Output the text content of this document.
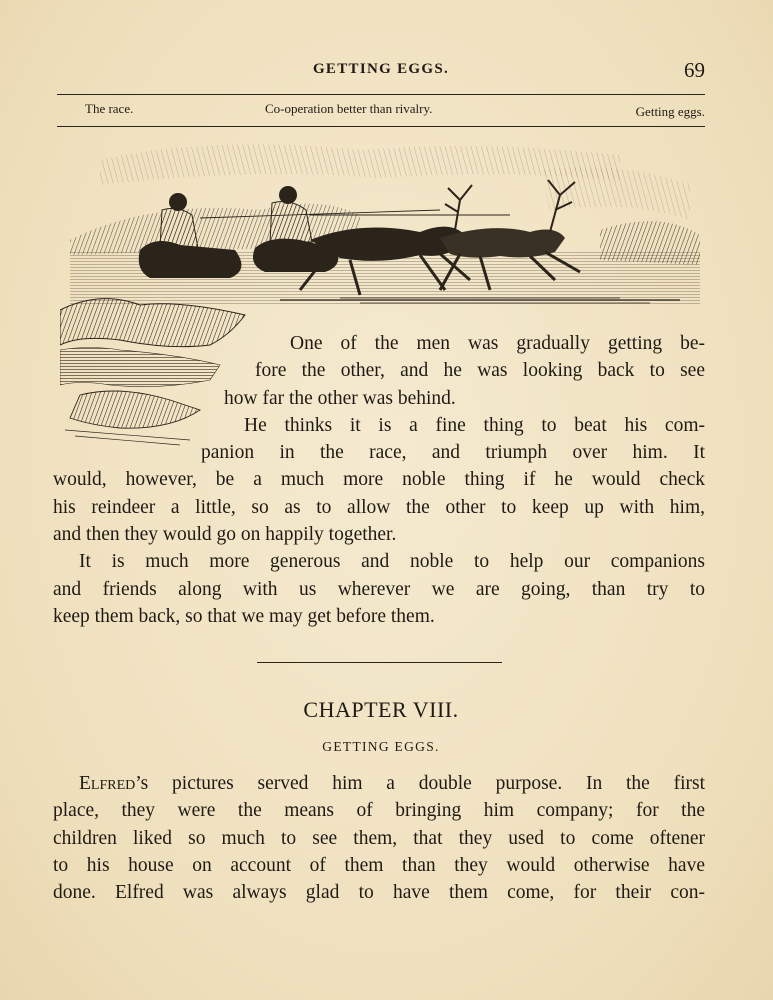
GETTING EGGS.	69
The race.	Co-operation better than rivalry.	Getting eggs.
One of the men was gradually getting be-
fore the other, and he was looking back to see
how far the other was behind.
He thinks it is a fine thing to beat his com-
panion in the race, and triumph over him. It
would, however, be a much more noble thing if he would check
his reindeer a little, so as to allow the other to keep up with him,
and then they would go on happily together.
It is much more generous and noble to help our companions
and friends along with us wherever we are going, than try to
keep them back, so that we may get before them.
CHAPTER VIII.
GETTING EGGS.
Elfred’s pictures served him a double purpose. In the first
place, they were the means of bringing him company; for the
children liked so much to see them, that they used to come oftener
to his house on account of them than they would otherwise have
done. Elfred was always glad to have them come, for their con-
